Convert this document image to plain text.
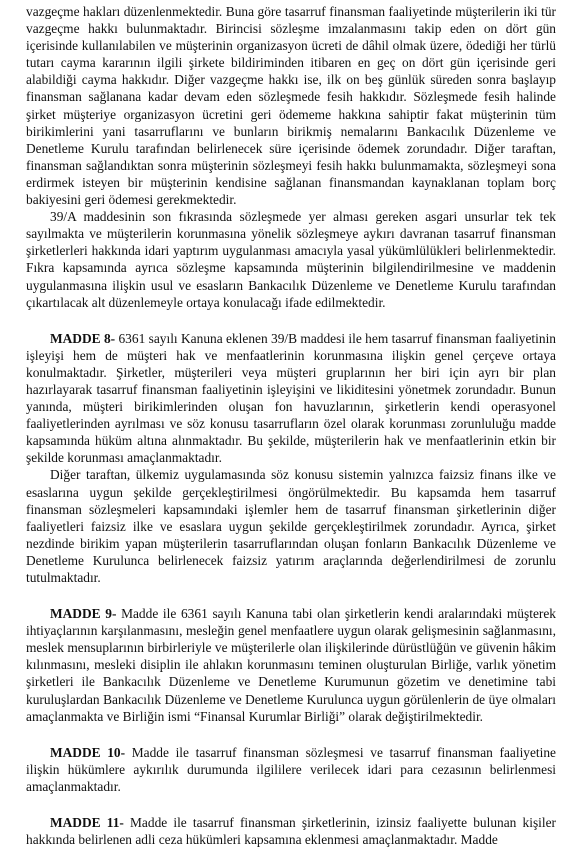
vazgeçme hakları düzenlenmektedir. Buna göre tasarruf finansman faaliyetinde müşterilerin iki tür vazgeçme hakkı bulunmaktadır. Birincisi sözleşme imzalanmasını takip eden on dört gün içerisinde kullanılabilen ve müşterinin organizasyon ücreti de dâhil olmak üzere, ödediği her türlü tutarı cayma kararının ilgili şirkete bildiriminden itibaren en geç on dört gün içerisinde geri alabildiği cayma hakkıdır. Diğer vazgeçme hakkı ise, ilk on beş günlük süreden sonra başlayıp finansman sağlanana kadar devam eden sözleşmede fesih hakkıdır. Sözleşmede fesih halinde şirket müşteriye organizasyon ücretini geri ödememe hakkına sahiptir fakat müşterinin tüm birikimlerini yani tasarruflarını ve bunların birikmiş nemalarını Bankacılık Düzenleme ve Denetleme Kurulu tarafından belirlenecek süre içerisinde ödemek zorundadır. Diğer taraftan, finansman sağlandıktan sonra müşterinin sözleşmeyi fesih hakkı bulunmamakta, sözleşmeyi sona erdirmek isteyen bir müşterinin kendisine sağlanan finansmandan kaynaklanan toplam borç bakiyesini geri ödemesi gerekmektedir.

39/A maddesinin son fıkrasında sözleşmede yer alması gereken asgari unsurlar tek tek sayılmakta ve müşterilerin korunmasına yönelik sözleşmeye aykırı davranan tasarruf finansman şirketlerleri hakkında idari yaptırım uygulanması amacıyla yasal yükümlülükleri belirlenmektedir. Fıkra kapsamında ayrıca sözleşme kapsamında müşterinin bilgilendirilmesine ve maddenin uygulanmasına ilişkin usul ve esasların Bankacılık Düzenleme ve Denetleme Kurulu tarafından çıkartılacak alt düzenlemeyle ortaya konulacağı ifade edilmektedir.

MADDE 8- 6361 sayılı Kanuna eklenen 39/B maddesi ile hem tasarruf finansman faaliyetinin işleyişi hem de müşteri hak ve menfaatlerinin korunmasına ilişkin genel çerçeve ortaya konulmaktadır. Şirketler, müşterileri veya müşteri gruplarının her biri için ayrı bir plan hazırlayarak tasarruf finansman faaliyetinin işleyişini ve likiditesini yönetmek zorundadır. Bunun yanında, müşteri birikimlerinden oluşan fon havuzlarının, şirketlerin kendi operasyonel faaliyetlerinden ayrılması ve söz konusu tasarrufların özel olarak korunması zorunluluğu madde kapsamında hüküm altına alınmaktadır. Bu şekilde, müşterilerin hak ve menfaatlerinin etkin bir şekilde korunması amaçlanmaktadır.

Diğer taraftan, ülkemiz uygulamasında söz konusu sistemin yalnızca faizsiz finans ilke ve esaslarına uygun şekilde gerçekleştirilmesi öngörülmektedir. Bu kapsamda hem tasarruf finansman sözleşmeleri kapsamındaki işlemler hem de tasarruf finansman şirketlerinin diğer faaliyetleri faizsiz ilke ve esaslara uygun şekilde gerçekleştirilmek zorundadır. Ayrıca, şirket nezdinde birikim yapan müşterilerin tasarruflarından oluşan fonların Bankacılık Düzenleme ve Denetleme Kurulunca belirlenecek faizsiz yatırım araçlarında değerlendirilmesi de zorunlu tutulmaktadır.

MADDE 9- Madde ile 6361 sayılı Kanuna tabi olan şirketlerin kendi aralarındaki müşterek ihtiyaçlarının karşılanmasını, mesleğin genel menfaatlere uygun olarak gelişmesinin sağlanmasını, meslek mensuplarının birbirleriyle ve müşterilerle olan ilişkilerinde dürüstlüğün ve güvenin hâkim kılınmasını, mesleki disiplin ile ahlakın korunmasını teminen oluşturulan Birliğe, varlık yönetim şirketleri ile Bankacılık Düzenleme ve Denetleme Kurumunun gözetim ve denetimine tabi kuruluşlardan Bankacılık Düzenleme ve Denetleme Kurulunca uygun görülenlerin de üye olmaları amaçlanmakta ve Birliğin ismi “Finansal Kurumlar Birliği” olarak değiştirilmektedir.

MADDE 10- Madde ile tasarruf finansman sözleşmesi ve tasarruf finansman faaliyetine ilişkin hükümlere aykırılık durumunda ilgililere verilecek idari para cezasının belirlenmesi amaçlanmaktadır.

MADDE 11- Madde ile tasarruf finansman şirketlerinin, izinsiz faaliyette bulunan kişiler hakkında belirlenen adli ceza hükümleri kapsamına eklenmesi amaçlanmaktadır. Madde
